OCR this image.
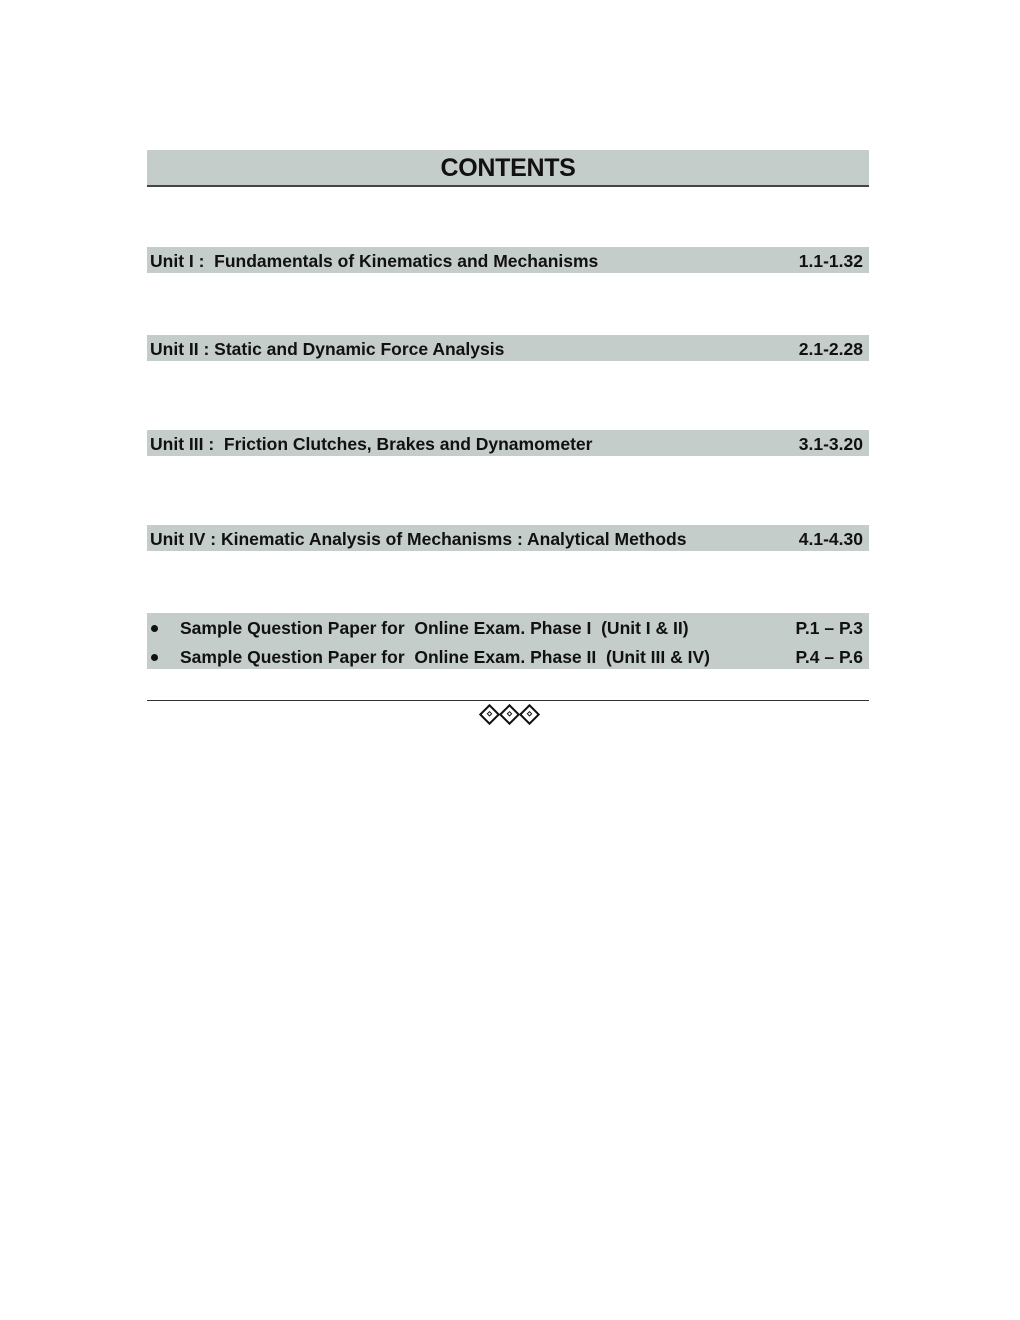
CONTENTS
Unit I :  Fundamentals of Kinematics and Mechanisms	1.1-1.32
Unit II : Static and Dynamic Force Analysis	2.1-2.28
Unit III :  Friction Clutches, Brakes and Dynamometer	3.1-3.20
Unit IV : Kinematic Analysis of Mechanisms : Analytical Methods	4.1-4.30
Sample Question Paper for  Online Exam. Phase I  (Unit I & II)	P.1 – P.3
Sample Question Paper for  Online Exam. Phase II  (Unit III & IV)	P.4 – P.6
